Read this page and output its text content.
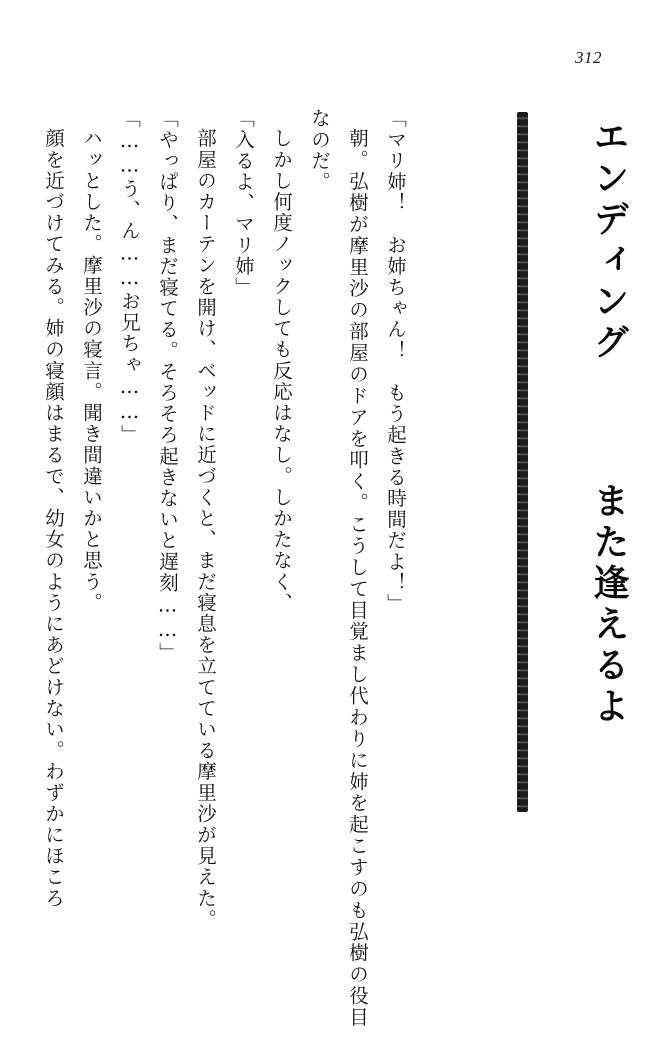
312
エンディング  また逢えるよ

「マリ姉！　お姉ちゃん！　もう起きる時間だよ！」

朝。弘樹が摩里沙の部屋のドアを叩く。こうして目覚まし代わりに姉を起こすのも弘樹の役目なのだ。

しかし何度ノックしても反応はなし。しかたなく、

「入るよ、マリ姉」

部屋のカーテンを開け、ベッドに近づくと、まだ寝息を立てている摩里沙が見えた。

「やっぱり、まだ寝てる。そろそろ起きないと遅刻……」

「……う、ん……お兄ちゃ……」

ハッとした。摩里沙の寝言。聞き間違いかと思う。

顔を近づけてみる。姉の寝顔はまるで、幼女のようにあどけない。わずかにほころ
